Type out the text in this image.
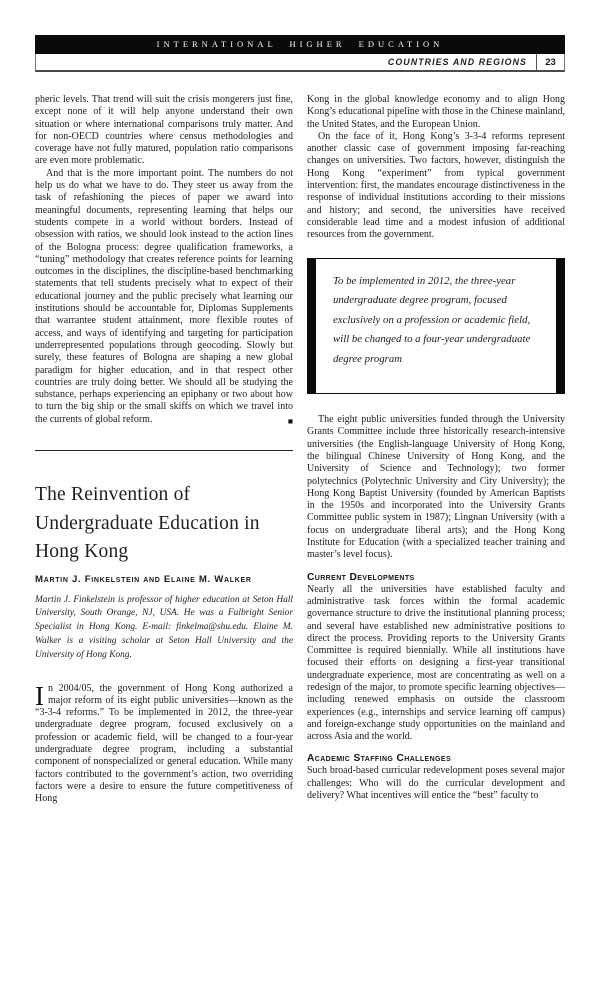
INTERNATIONAL HIGHER EDUCATION
COUNTRIES AND REGIONS	23

pheric levels. That trend will suit the crisis mongerers just fine, except none of it will help anyone understand their own situation or where international comparisons truly matter. And for non-OECD countries where census methodologies and coverage have not fully matured, population ratio comparisons are even more problematic.

And that is the more important point. The numbers do not help us do what we have to do. They steer us away from the task of refashioning the pieces of paper we award into meaningful documents, representing learning that helps our students compete in a world without borders. Instead of obsession with ratios, we should look instead to the action lines of the Bologna process: degree qualification frameworks, a “tuning” methodology that creates reference points for learning outcomes in the disciplines, the discipline-based benchmarking statements that tell students precisely what to expect of their educational journey and the public precisely what learning our institutions should be accountable for, Diplomas Supplements that warrantee student attainment, more flexible routes of access, and ways of identifying and targeting for participation underrepresented populations through geocoding. Slowly but surely, these features of Bologna are shaping a new global paradigm for higher education, and in that respect other countries are truly doing better. We should all be studying the substance, perhaps experiencing an epiphany or two about how to turn the big ship or the small skiffs on which we travel into the currents of global reform.	■

The Reinvention of Undergraduate Education in Hong Kong
Martin J. Finkelstein and Elaine M. Walker

Martin J. Finkelstein is professor of higher education at Seton Hall University, South Orange, NJ, USA. He was a Fulbright Senior Specialist in Hong Kong. E-mail: finkelma@shu.edu. Elaine M. Walker is a visiting scholar at Seton Hall University and the University of Hong Kong.

I n 2004/05, the government of Hong Kong authorized a major reform of its eight public universities—known as the “3-3-4 reforms.” To be implemented in 2012, the three-year undergraduate degree program, focused exclusively on a profession or academic field, will be changed to a four-year undergraduate degree program, including a substantial component of nonspecialized or general education. While many factors contributed to the government’s action, two overriding factors were a desire to ensure the future competitiveness of Hong

Kong in the global knowledge economy and to align Hong Kong’s educational pipeline with those in the Chinese mainland, the United States, and the European Union.

On the face of it, Hong Kong’s 3-3-4 reforms represent another classic case of government imposing far-reaching changes on universities. Two factors, however, distinguish the Hong Kong “experiment” from typical government intervention: first, the mandates encourage distinctiveness in the response of individual institutions according to their missions and history; and second, the universities have received considerable lead time and a modest infusion of additional resources from the government.

To be implemented in 2012, the three-year undergraduate degree program, focused exclusively on a profession or academic field, will be changed to a four-year undergraduate degree program

The eight public universities funded through the University Grants Committee include three historically research-intensive universities (the English-language University of Hong Kong, the bilingual Chinese University of Hong Kong, and the University of Science and Technology); two former polytechnics (Polytechnic University and City University); the Hong Kong Baptist University (founded by American Baptists in the 1950s and incorporated into the University Grants Committee public system in 1987); Lingnan University (with a focus on undergraduate liberal arts); and the Hong Kong Institute for Education (with a specialized teacher training and master’s level focus).

Current Developments

Nearly all the universities have established faculty and administrative task forces within the formal academic governance structure to drive the institutional planning process; and several have established new administrative positions to direct the process. Providing reports to the University Grants Committee is required biennially. While all institutions have focused their efforts on designing a first-year transitional undergraduate experience, most are concentrating as well on a redesign of the major, to promote specific learning objectives—including renewed emphasis on outside the classroom experiences (e.g., internships and service learning off campus) and foreign-exchange study opportunities on the mainland and across Asia and the world.

Academic Staffing Challenges

Such broad-based curricular redevelopment poses several major challenges: Who will do the curricular development and delivery? What incentives will entice the “best” faculty to
